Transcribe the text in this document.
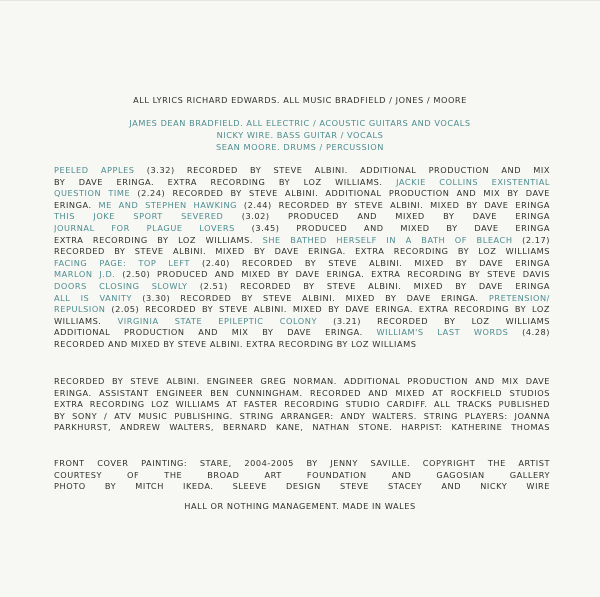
ALL LYRICS RICHARD EDWARDS. ALL MUSIC BRADFIELD / JONES / MOORE
JAMES DEAN BRADFIELD. ALL ELECTRIC / ACOUSTIC GUITARS AND VOCALS
NICKY WIRE. BASS GUITAR / VOCALS
SEAN MOORE. DRUMS / PERCUSSION
PEELED APPLES (3.32) RECORDED BY STEVE ALBINI. ADDITIONAL PRODUCTION AND MIX
BY DAVE ERINGA. EXTRA RECORDING BY LOZ WILLIAMS. JACKIE COLLINS EXISTENTIAL
QUESTION TIME (2.24) RECORDED BY STEVE ALBINI. ADDITIONAL PRODUCTION AND MIX BY DAVE
ERINGA. ME AND STEPHEN HAWKING (2.44) RECORDED BY STEVE ALBINI. MIXED BY DAVE ERINGA
THIS JOKE SPORT SEVERED (3.02) PRODUCED AND MIXED BY DAVE ERINGA
JOURNAL FOR PLAGUE LOVERS (3.45) PRODUCED AND MIXED BY DAVE ERINGA
EXTRA RECORDING BY LOZ WILLIAMS. SHE BATHED HERSELF IN A BATH OF BLEACH (2.17)
RECORDED BY STEVE ALBINI. MIXED BY DAVE ERINGA. EXTRA RECORDING BY LOZ WILLIAMS
FACING PAGE: TOP LEFT (2.40) RECORDED BY STEVE ALBINI. MIXED BY DAVE ERINGA
MARLON J.D. (2.50) PRODUCED AND MIXED BY DAVE ERINGA. EXTRA RECORDING BY STEVE DAVIS
DOORS CLOSING SLOWLY (2.51) RECORDED BY STEVE ALBINI. MIXED BY DAVE ERINGA
ALL IS VANITY (3.30) RECORDED BY STEVE ALBINI. MIXED BY DAVE ERINGA. PRETENSION/
REPULSION (2.05) RECORDED BY STEVE ALBINI. MIXED BY DAVE ERINGA. EXTRA RECORDING BY LOZ
WILLIAMS. VIRGINIA STATE EPILEPTIC COLONY (3.21) RECORDED BY LOZ WILLIAMS
ADDITIONAL PRODUCTION AND MIX BY DAVE ERINGA. WILLIAM'S LAST WORDS (4.28)
RECORDED AND MIXED BY STEVE ALBINI. EXTRA RECORDING BY LOZ WILLIAMS
RECORDED BY STEVE ALBINI. ENGINEER GREG NORMAN. ADDITIONAL PRODUCTION AND MIX DAVE
ERINGA. ASSISTANT ENGINEER BEN CUNNINGHAM. RECORDED AND MIXED AT ROCKFIELD STUDIOS
EXTRA RECORDING LOZ WILLIAMS AT FASTER RECORDING STUDIO CARDIFF. ALL TRACKS PUBLISHED
BY SONY / ATV MUSIC PUBLISHING. STRING ARRANGER: ANDY WALTERS. STRING PLAYERS: JOANNA
PARKHURST, ANDREW WALTERS, BERNARD KANE, NATHAN STONE. HARPIST: KATHERINE THOMAS
FRONT COVER PAINTING: STARE, 2004-2005 BY JENNY SAVILLE. COPYRIGHT THE ARTIST
COURTESY OF THE BROAD ART FOUNDATION AND GAGOSIAN GALLERY
PHOTO BY MITCH IKEDA. SLEEVE DESIGN STEVE STACEY AND NICKY WIRE
HALL OR NOTHING MANAGEMENT. MADE IN WALES
